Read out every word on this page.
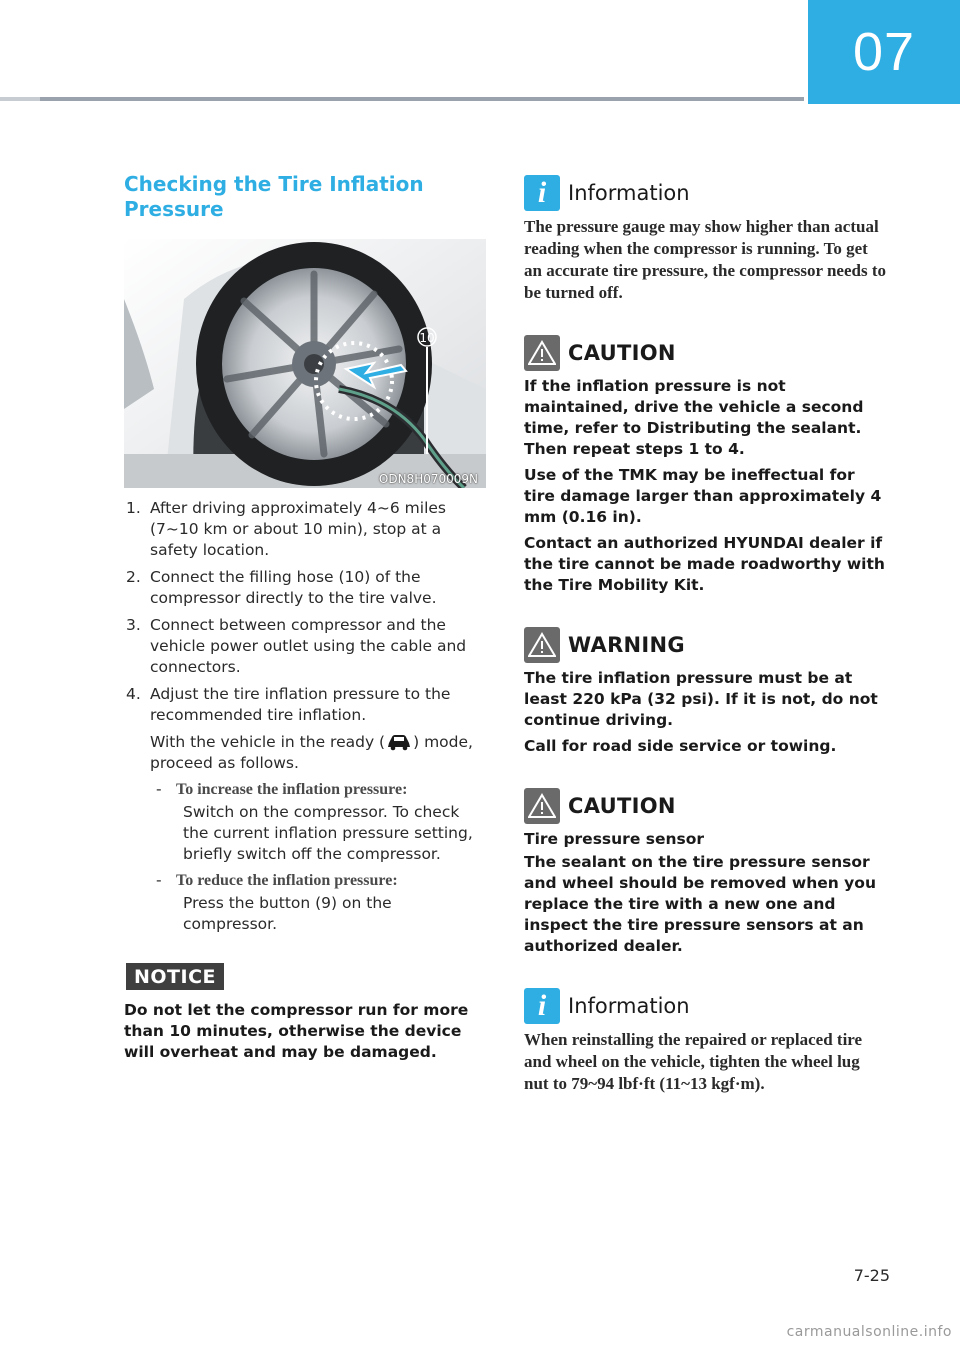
07
Checking the Tire Inflation Pressure
10
ODN8H070009N
1. After driving approximately 4~6 miles (7~10 km or about 10 min), stop at a safety location.
2. Connect the filling hose (10) of the compressor directly to the tire valve.
3. Connect between compressor and the vehicle power outlet using the cable and connectors.
4. Adjust the tire inflation pressure to the recommended tire inflation.
With the vehicle in the ready ( ) mode, proceed as follows.
- To increase the inflation pressure:
Switch on the compressor. To check the current inflation pressure setting, briefly switch off the compressor.
- To reduce the inflation pressure:
Press the button (9) on the compressor.
NOTICE
Do not let the compressor run for more than 10 minutes, otherwise the device will overheat and may be damaged.
i	Information
The pressure gauge may show higher than actual reading when the compressor is running. To get an accurate tire pressure, the compressor needs to be turned off.
CAUTION

If the inflation pressure is not maintained, drive the vehicle a second time, refer to Distributing the sealant. Then repeat steps 1 to 4.

Use of the TMK may be ineffectual for tire damage larger than approximately 4 mm (0.16 in).

Contact an authorized HYUNDAI dealer if the tire cannot be made roadworthy with the Tire Mobility Kit.

WARNING

The tire inflation pressure must be at least 220 kPa (32 psi). If it is not, do not continue driving.

Call for road side service or towing.

CAUTION

Tire pressure sensor

The sealant on the tire pressure sensor and wheel should be removed when you replace the tire with a new one and inspect the tire pressure sensors at an authorized dealer.

i	Information
When reinstalling the repaired or replaced tire and wheel on the vehicle, tighten the wheel lug nut to 79~94 lbf·ft (11~13 kgf·m).
7-25
carmanualsonline.info
